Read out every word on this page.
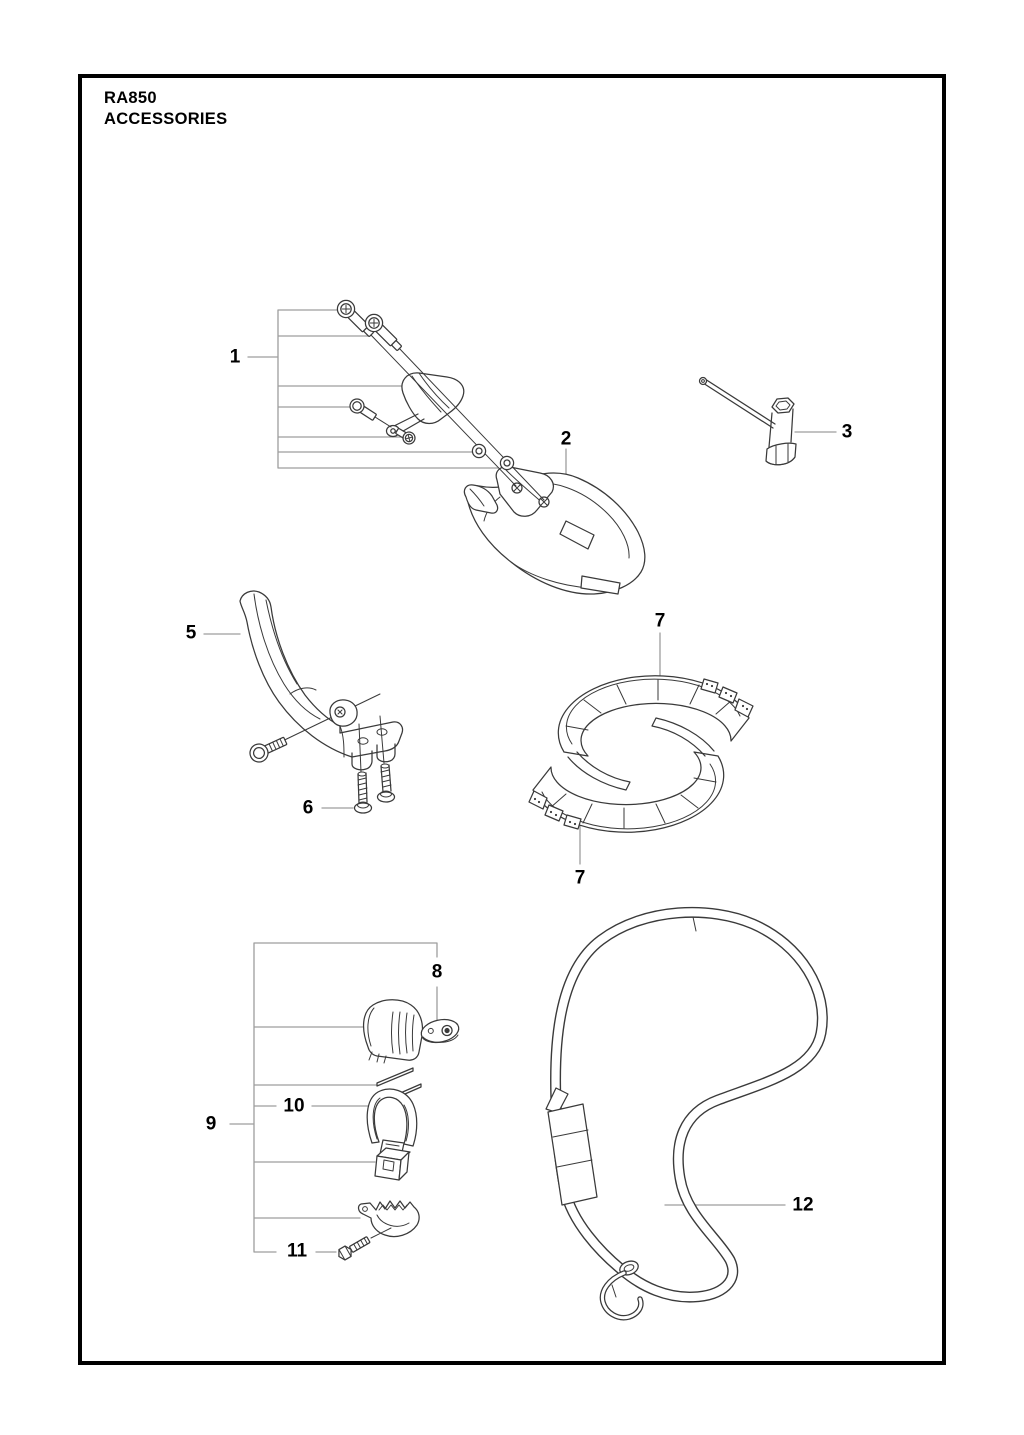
RA850
ACCESSORIES
1
2	3
5
6
7
7
8
9
10
11
12
